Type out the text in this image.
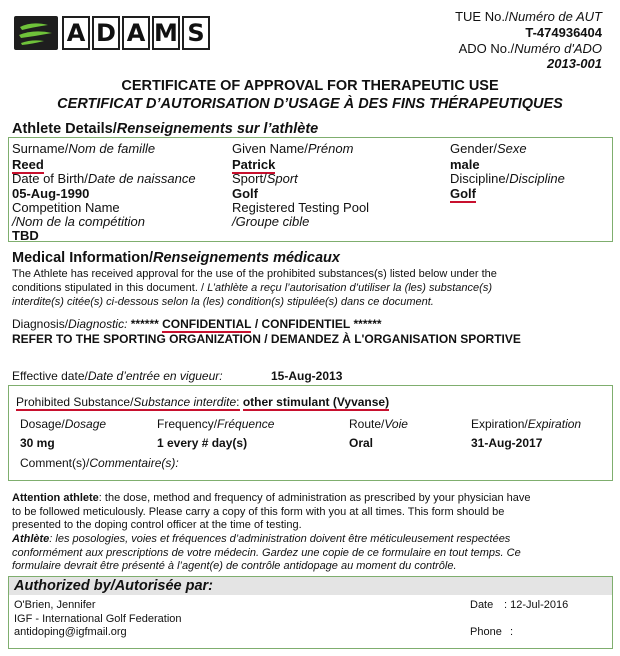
A D A M S
TUE No./Numéro de AUT
T-474936404
ADO No./Numéro d'ADO
2013-001
CERTIFICATE OF APPROVAL FOR THERAPEUTIC USE
CERTIFICAT D’AUTORISATION D’USAGE À DES FINS THÉRAPEUTIQUES
Athlete Details/Renseignements sur l’athlète
Surname/Nom de famille
Reed
Given Name/Prénom
Patrick
Gender/Sexe
male
Date of Birth/Date de naissance
05-Aug-1990
Sport/Sport
Golf
Discipline/Discipline
Golf
Competition Name
/Nom de la compétition
TBD
Registered Testing Pool
/Groupe cible
Medical Information/Renseignements médicaux
The Athlete has received approval for the use of the prohibited substances(s) listed below under the
conditions stipulated in this document. / L’athlète a reçu l’autorisation d’utiliser la (les) substance(s)
interdite(s) citée(s) ci-dessous selon la (les) condition(s) stipulée(s) dans ce document.
Diagnosis/Diagnostic: ****** CONFIDENTIAL / CONFIDENTIEL ******
REFER TO THE SPORTING ORGANIZATION / DEMANDEZ À L'ORGANISATION SPORTIVE
Effective date/Date d’entrée en vigueur:	15-Aug-2013
Prohibited Substance/Substance interdite: other stimulant (Vyvanse)
Dosage/Dosage
30 mg
Frequency/Fréquence
1 every # day(s)
Route/Voie
Oral
Expiration/Expiration
31-Aug-2017
Comment(s)/Commentaire(s):
Attention athlete: the dose, method and frequency of administration as prescribed by your physician have
to be followed meticulously. Please carry a copy of this form with you at all times. This form should be
presented to the doping control officer at the time of testing.
Athlète: les posologies, voies et fréquences d’administration doivent être méticuleusement respectées
conformément aux prescriptions de votre médecin. Gardez une copie de ce formulaire en tout temps. Ce
formulaire devrait être présenté à l’agent(e) de contrôle antidopage au moment du contrôle.
Authorized by/Autorisée par:
O'Brien, Jennifer
IGF - International Golf Federation
antidoping@igfmail.org
Date : 12-Jul-2016
Phone :
